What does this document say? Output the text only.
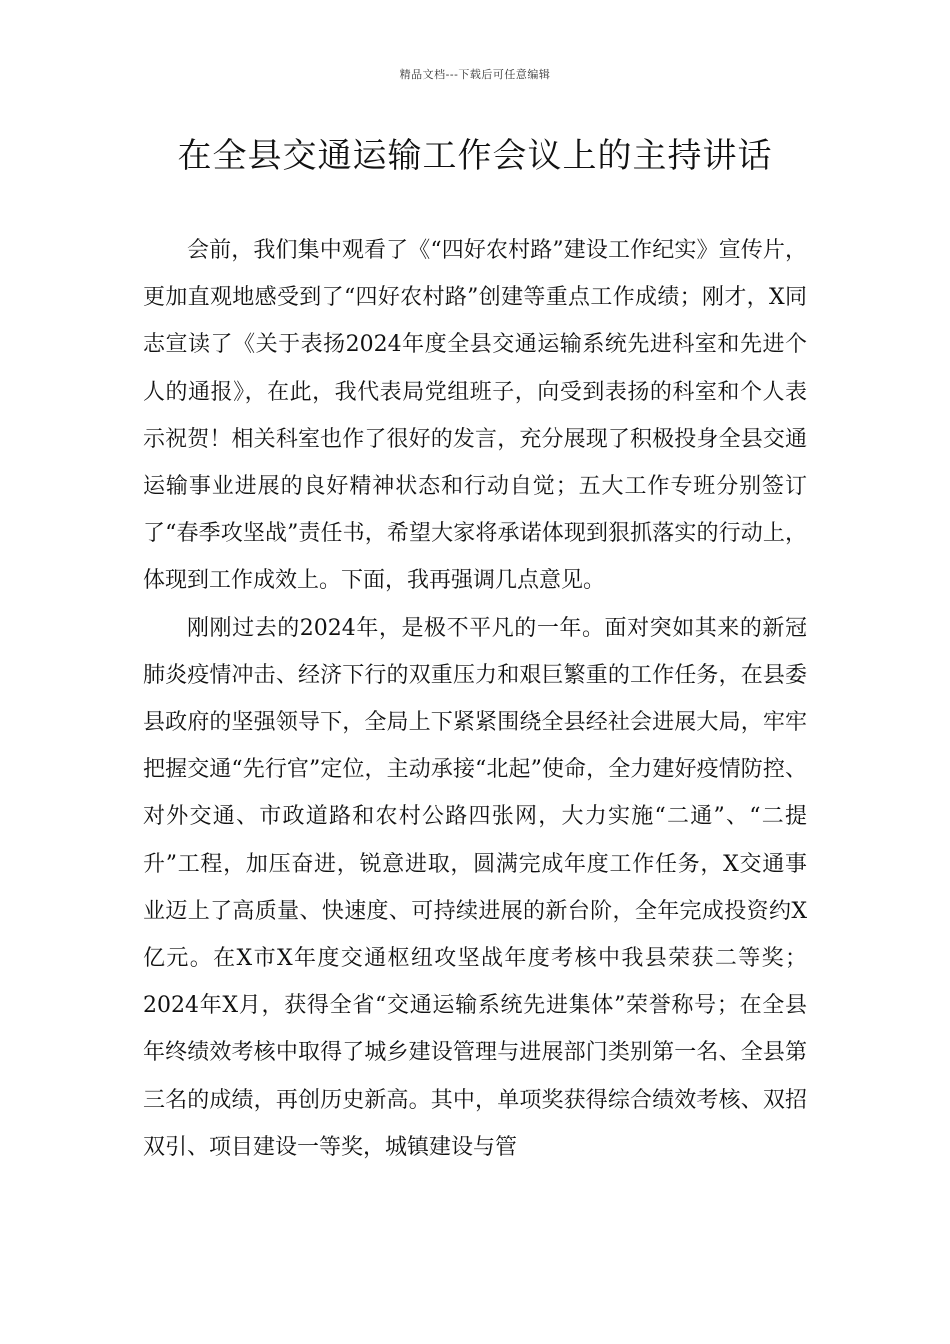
精品文档---下载后可任意编辑
在全县交通运输工作会议上的主持讲话

会前，我们集中观看了《“四好农村路”建设工作纪实》宣传片，更加直观地感受到了“四好农村路”创建等重点工作成绩；刚才，X同志宣读了《关于表扬2024年度全县交通运输系统先进科室和先进个人的通报》，在此，我代表局党组班子，向受到表扬的科室和个人表示祝贺！相关科室也作了很好的发言，充分展现了积极投身全县交通运输事业进展的良好精神状态和行动自觉；五大工作专班分别签订了“春季攻坚战”责任书，希望大家将承诺体现到狠抓落实的行动上，体现到工作成效上。下面，我再强调几点意见。

刚刚过去的2024年，是极不平凡的一年。面对突如其来的新冠肺炎疫情冲击、经济下行的双重压力和艰巨繁重的工作任务，在县委县政府的坚强领导下，全局上下紧紧围绕全县经社会进展大局，牢牢把握交通“先行官”定位，主动承接“北起”使命，全力建好疫情防控、对外交通、市政道路和农村公路四张网，大力实施“二通”、“二提升”工程，加压奋进，锐意进取，圆满完成年度工作任务，X交通事业迈上了高质量、快速度、可持续进展的新台阶，全年完成投资约X亿元。在X市X年度交通枢纽攻坚战年度考核中我县荣获二等奖；2024年X月，获得全省“交通运输系统先进集体”荣誉称号；在全县年终绩效考核中取得了城乡建设管理与进展部门类别第一名、全县第三名的成绩，再创历史新高。其中，单项奖获得综合绩效考核、双招双引、项目建设一等奖，城镇建设与管
